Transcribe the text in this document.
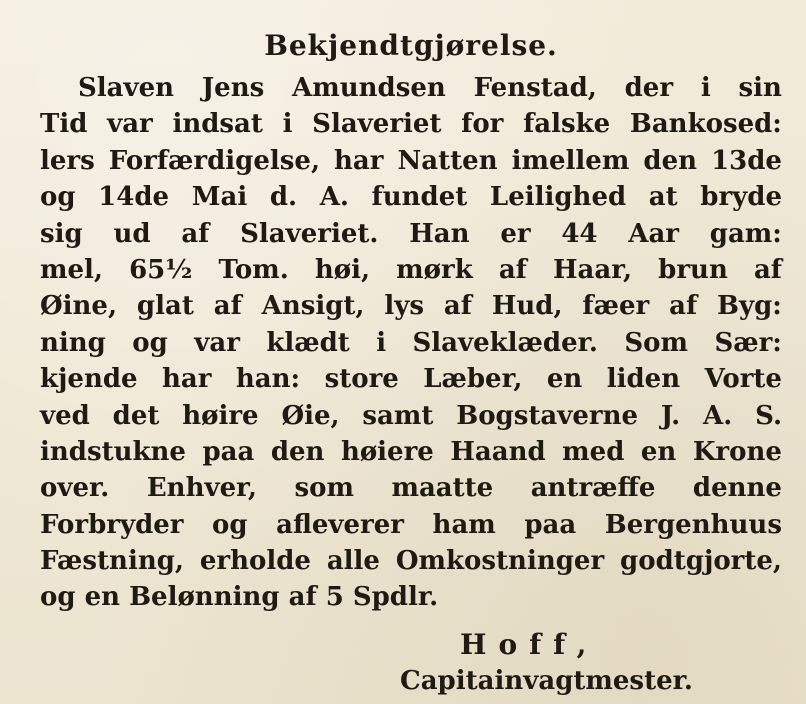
Bekjendtgjørelse.
Slaven Jens Amundsen Fenstad, der i sin
Tid var indsat i Slaveriet for falske Bankosed:
lers Forfærdigelse, har Natten imellem den 13de
og 14de Mai d. A. fundet Leilighed at bryde
sig ud af Slaveriet. Han er 44 Aar gam:
mel, 65½ Tom. høi, mørk af Haar, brun af
Øine, glat af Ansigt, lys af Hud, fæer af Byg:
ning og var klædt i Slaveklæder. Som Sær:
kjende har han: store Læber, en liden Vorte
ved det høire Øie, samt Bogstaverne J. A. S.
indstukne paa den høiere Haand med en Krone
over. Enhver, som maatte antræffe denne
Forbryder og afleverer ham paa Bergenhuus
Fæstning, erholde alle Omkostninger godtgjorte,
og en Belønning af 5 Spdlr.
Hoff,
Capitainvagtmester.
